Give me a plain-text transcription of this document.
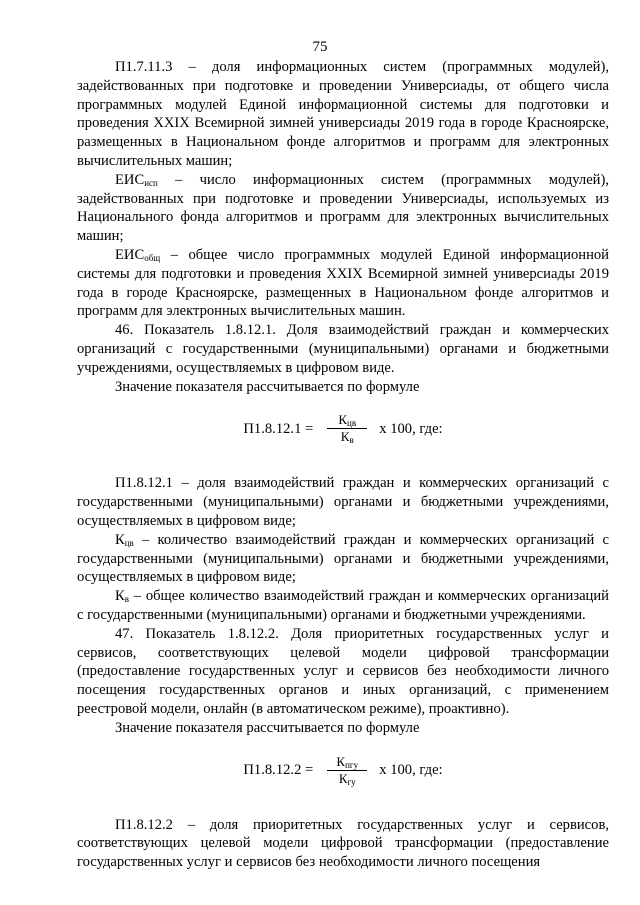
75

П1.7.11.3 – доля информационных систем (программных модулей), задействованных при подготовке и проведении Универсиады, от общего числа программных модулей Единой информационной системы для подготовки и проведения XXIX Всемирной зимней универсиады 2019 года в городе Красноярске, размещенных в Национальном фонде алгоритмов и программ для электронных вычислительных машин;

$ЕИС_{исп}$ – число информационных систем (программных модулей), задействованных при подготовке и проведении Универсиады, используемых из Национального фонда алгоритмов и программ для электронных вычислительных машин;

$ЕИС_{общ}$ – общее число программных модулей Единой информационной системы для подготовки и проведения XXIX Всемирной зимней универсиады 2019 года в городе Красноярске, размещенных в Национальном фонде алгоритмов и программ для электронных вычислительных машин.

46. Показатель 1.8.12.1. Доля взаимодействий граждан и коммерческих организаций с государственными (муниципальными) органами и бюджетными учреждениями, осуществляемых в цифровом виде.

Значение показателя рассчитывается по формуле

$П1.8.12.1 = \frac{К_{цв}}{К_в}$ x 100, где:

П1.8.12.1 – доля взаимодействий граждан и коммерческих организаций с государственными (муниципальными) органами и бюджетными учреждениями, осуществляемых в цифровом виде;

$К_{цв}$ – количество взаимодействий граждан и коммерческих организаций с государственными (муниципальными) органами и бюджетными учреждениями, осуществляемых в цифровом виде;

$К_в$ – общее количество взаимодействий граждан и коммерческих организаций с государственными (муниципальными) органами и бюджетными учреждениями.

47. Показатель 1.8.12.2. Доля приоритетных государственных услуг и сервисов, соответствующих целевой модели цифровой трансформации (предоставление государственных услуг и сервисов без необходимости личного посещения государственных органов и иных организаций, с применением реестровой модели, онлайн (в автоматическом режиме), проактивно).

Значение показателя рассчитывается по формуле

$П1.8.12.2 = \frac{К_{пгу}}{К_{гу}}$ x 100, где:

П1.8.12.2 – доля приоритетных государственных услуг и сервисов, соответствующих целевой модели цифровой трансформации (предоставление государственных услуг и сервисов без необходимости личного посещения
